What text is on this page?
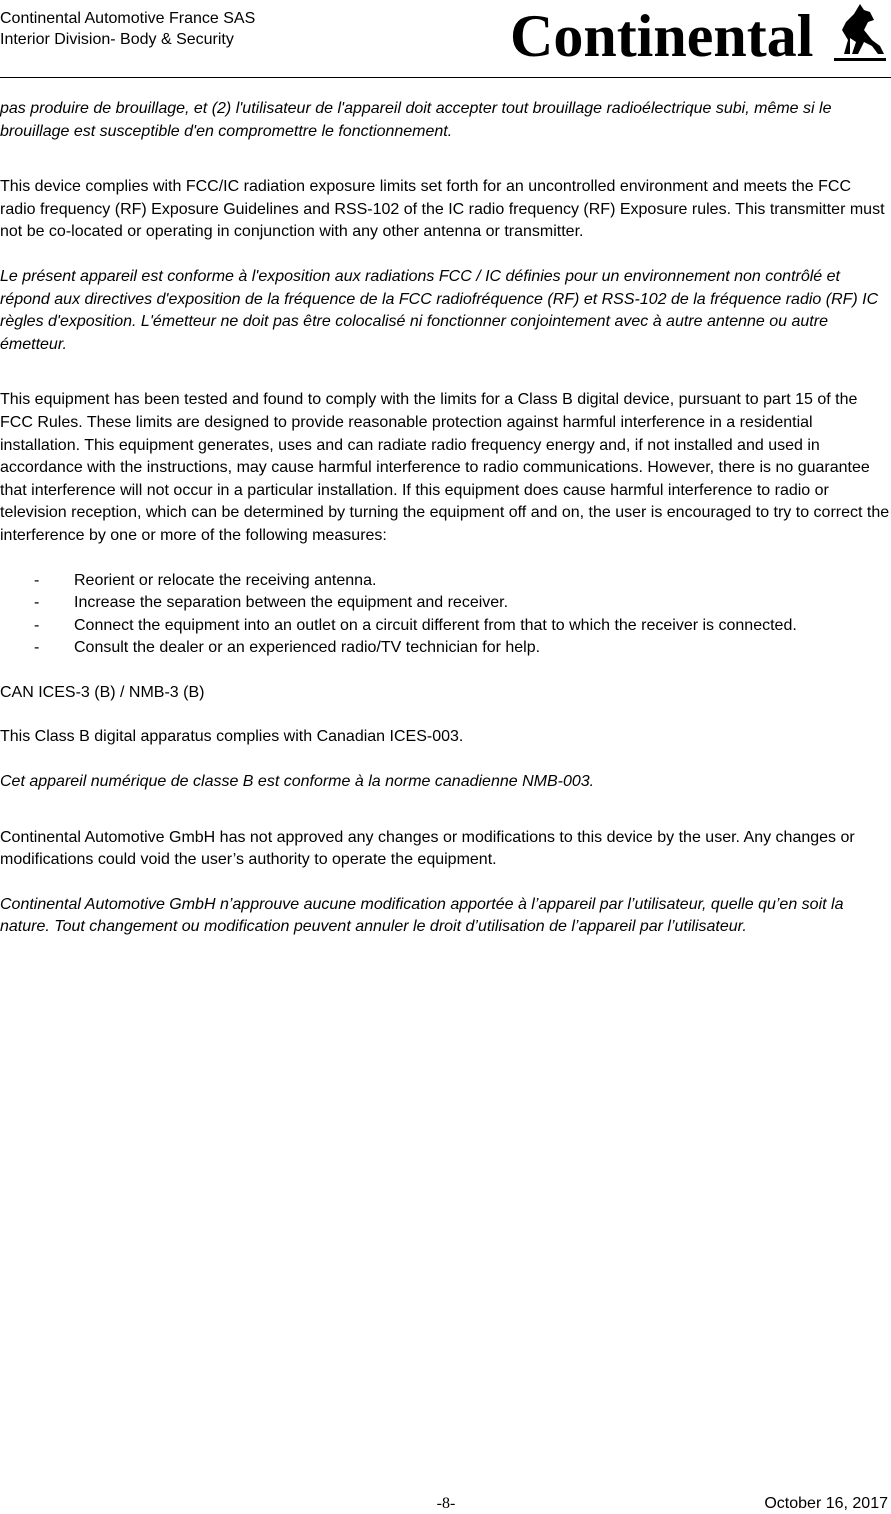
Continental Automotive France SAS
Interior Division- Body & Security	Continental

pas produire de brouillage, et (2) l'utilisateur de l'appareil doit accepter tout brouillage radioélectrique subi, même si le brouillage est susceptible d'en compromettre le fonctionnement.

This device complies with FCC/IC radiation exposure limits set forth for an uncontrolled environment and meets the FCC radio frequency (RF) Exposure Guidelines and RSS-102 of the IC radio frequency (RF) Exposure rules. This transmitter must not be co-located or operating in conjunction with any other antenna or transmitter.

Le présent appareil est conforme à l'exposition aux radiations FCC / IC définies pour un environnement non contrôlé et répond aux directives d'exposition de la fréquence de la FCC radiofréquence (RF) et RSS-102 de la fréquence radio (RF) IC règles d'exposition. L'émetteur ne doit pas être colocalisé ni fonctionner conjointement avec à autre antenne ou autre émetteur.

This equipment has been tested and found to comply with the limits for a Class B digital device, pursuant to part 15 of the FCC Rules. These limits are designed to provide reasonable protection against harmful interference in a residential installation. This equipment generates, uses and can radiate radio frequency energy and, if not installed and used in accordance with the instructions, may cause harmful interference to radio communications. However, there is no guarantee that interference will not occur in a particular installation. If this equipment does cause harmful interference to radio or television reception, which can be determined by turning the equipment off and on, the user is encouraged to try to correct the interference by one or more of the following measures:

- Reorient or relocate the receiving antenna.
- Increase the separation between the equipment and receiver.
- Connect the equipment into an outlet on a circuit different from that to which the receiver is connected.
- Consult the dealer or an experienced radio/TV technician for help.

CAN ICES-3 (B) / NMB-3 (B)

This Class B digital apparatus complies with Canadian ICES-003.

Cet appareil numérique de classe B est conforme à la norme canadienne NMB-003.

Continental Automotive GmbH has not approved any changes or modifications to this device by the user. Any changes or modifications could void the user’s authority to operate the equipment.

Continental Automotive GmbH n’approuve aucune modification apportée à l’appareil par l’utilisateur, quelle qu’en soit la nature. Tout changement ou modification peuvent annuler le droit d’utilisation de l’appareil par l’utilisateur.

-8-	October 16, 2017
